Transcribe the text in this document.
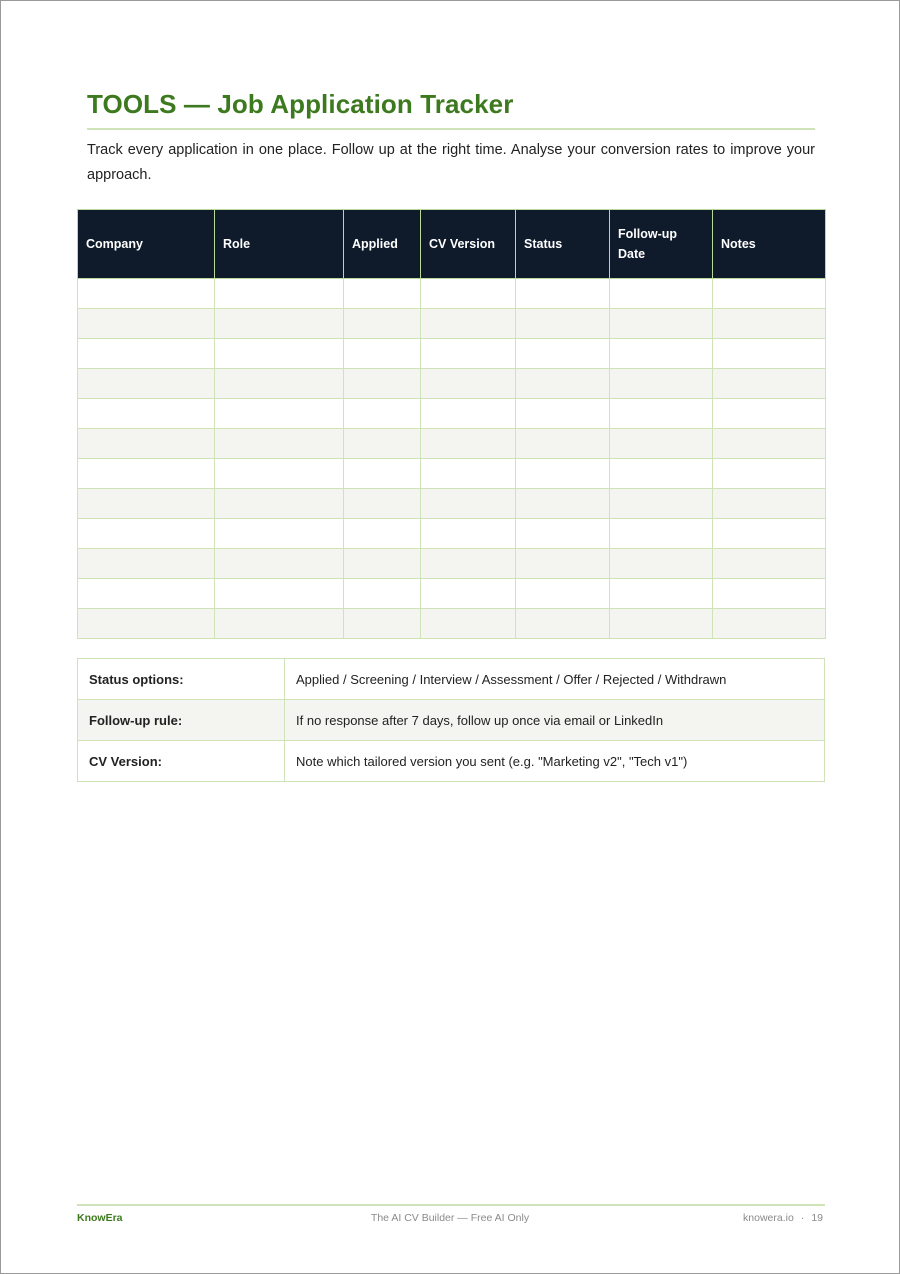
TOOLS — Job Application Tracker

Track every application in one place. Follow up at the right time. Analyse your conversion rates to improve your approach.

Company	Role	Applied	CV Version	Status	Follow-up Date	Notes

Status options:	Applied / Screening / Interview / Assessment / Offer / Rejected / Withdrawn
Follow-up rule:	If no response after 7 days, follow up once via email or LinkedIn
CV Version:	Note which tailored version you sent (e.g. "Marketing v2", "Tech v1")
KnowEra	The AI CV Builder — Free AI Only	knowera.io · 19
